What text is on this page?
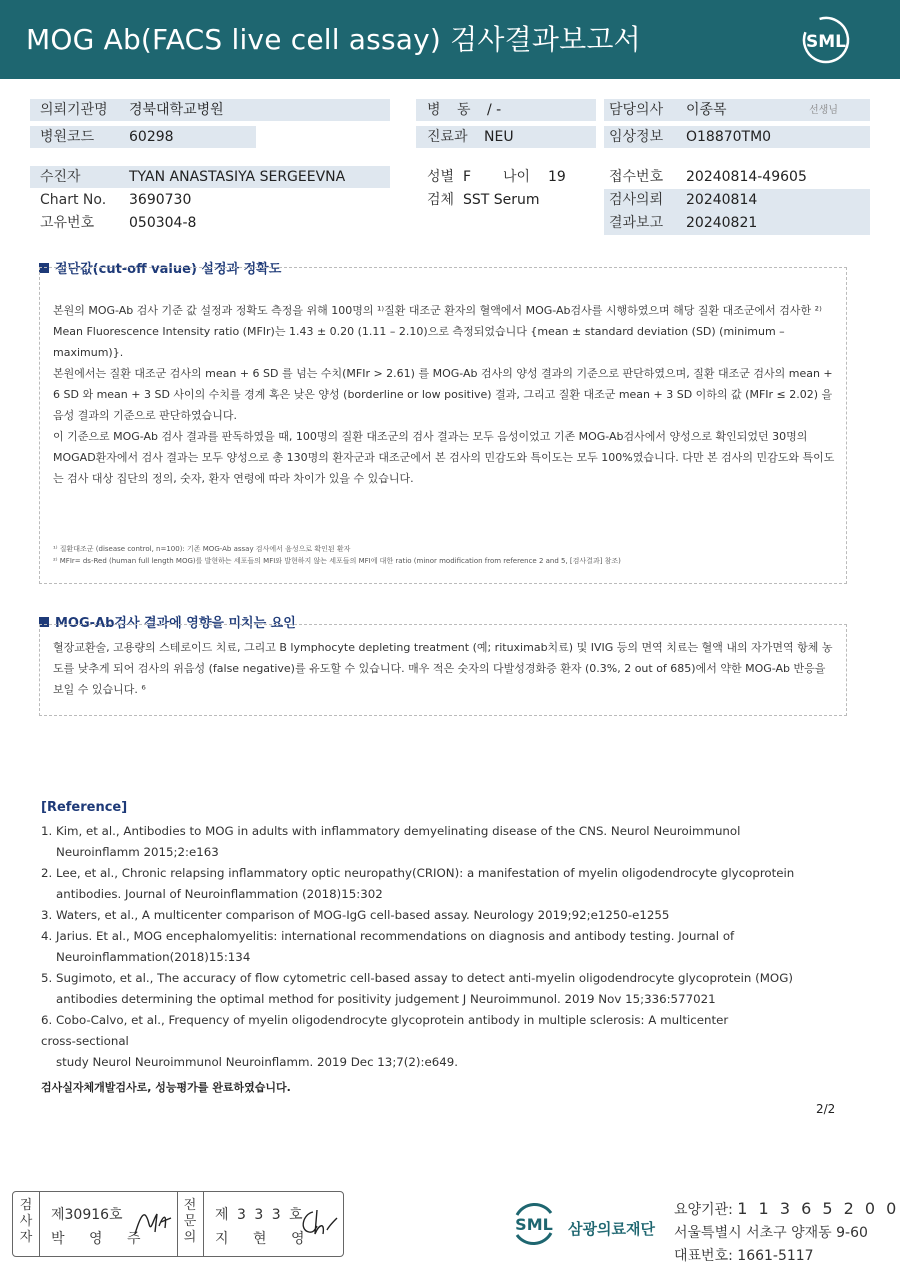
MOG Ab(FACS live cell assay) 검사결과보고서	SML
의뢰기관명 경북대학교병원	병 동 / -	담당의사 이종목	선생님
병원코드 60298	진료과 NEU	임상정보 O18870TM0
수진자	TYAN ANASTASIYA SERGEEVNA	성별 F 나이 19	접수번호 20240814-49605
Chart No. 3690730	검체 SST Serum	검사의뢰 20240814
고유번호 050304-8	결과보고 20240821
절단값(cut-off value) 설정과 정확도
본원의 MOG-Ab 검사 기준 값 설정과 정확도 측정을 위해 100명의 ¹⁾질환 대조군 환자의 혈액에서 MOG-Ab검사를 시행하였으며 해당 질환 대조군에서 검사한 ²⁾Mean Fluorescence Intensity ratio (MFIr)는 1.43 ± 0.20 (1.11 – 2.10)으로 측정되었습니다 {mean ± standard deviation (SD) (minimum – maximum)}.
본원에서는 질환 대조군 검사의 mean + 6 SD 를 넘는 수치(MFIr > 2.61) 를 MOG-Ab 검사의 양성 결과의 기준으로 판단하였으며, 질환 대조군 검사의 mean + 6 SD 와 mean + 3 SD 사이의 수치를 경계 혹은 낮은 양성 (borderline or low positive) 결과, 그리고 질환 대조군 mean + 3 SD 이하의 값 (MFIr ≤ 2.02) 을 음성 결과의 기준으로 판단하였습니다.
이 기준으로 MOG-Ab 검사 결과를 판독하였을 때, 100명의 질환 대조군의 검사 결과는 모두 음성이었고 기존 MOG-Ab검사에서 양성으로 확인되었던 30명의 MOGAD환자에서 검사 결과는 모두 양성으로 총 130명의 환자군과 대조군에서 본 검사의 민감도와 특이도는 모두 100%였습니다. 다만 본 검사의 민감도와 특이도는 검사 대상 집단의 정의, 숫자, 환자 연령에 따라 차이가 있을 수 있습니다.
¹⁾ 질환대조군 (disease control, n=100): 기존 MOG-Ab assay 검사에서 음성으로 확인된 환자
²⁾ MFIr= ds-Red (human full length MOG)를 발현하는 세포들의 MFI와 발현하지 않는 세포들의 MFI에 대한 ratio (minor modification from reference 2 and 5, [검사결과] 참조)
MOG-Ab검사 결과에 영향을 미치는 요인
혈장교환술, 고용량의 스테로이드 치료, 그리고 B lymphocyte depleting treatment (예; rituximab치료) 및 IVIG 등의 면역 치료는 혈액 내의 자가면역 항체 농도를 낮추게 되어 검사의 위음성 (false negative)를 유도할 수 있습니다. 매우 적은 숫자의 다발성경화증 환자 (0.3%, 2 out of 685)에서 약한 MOG-Ab 반응을 보일 수 있습니다. ⁶
[Reference]
1. Kim, et al., Antibodies to MOG in adults with inflammatory demyelinating disease of the CNS. Neurol Neuroimmunol
Neuroinflamm 2015;2:e163
2. Lee, et al., Chronic relapsing inflammatory optic neuropathy(CRION): a manifestation of myelin oligodendrocyte glycoprotein
antibodies. Journal of Neuroinflammation (2018)15:302
3. Waters, et al., A multicenter comparison of MOG-IgG cell-based assay. Neurology 2019;92;e1250-e1255
4. Jarius. Et al., MOG encephalomyelitis: international recommendations on diagnosis and antibody testing. Journal of
Neuroinflammation(2018)15:134
5. Sugimoto, et al., The accuracy of flow cytometric cell-based assay to detect anti-myelin oligodendrocyte glycoprotein (MOG)
antibodies determining the optimal method for positivity judgement J Neuroimmunol. 2019 Nov 15;336:577021
6. Cobo-Calvo, et al., Frequency of myelin oligodendrocyte glycoprotein antibody in multiple sclerosis: A multicenter
cross-sectional
study Neurol Neuroimmunol Neuroinflamm. 2019 Dec 13;7(2):e649.
검사실자체개발검사로, 성능평가를 완료하였습니다.
2/2
검사자
제30916호
박 영 주
전문의
제 3 3 3 호
지 현 영
SML 삼광의료재단
요양기관: 1 1 3 6 5 2 0 0
서울특별시 서초구 양재동 9-60
대표번호: 1661-5117
